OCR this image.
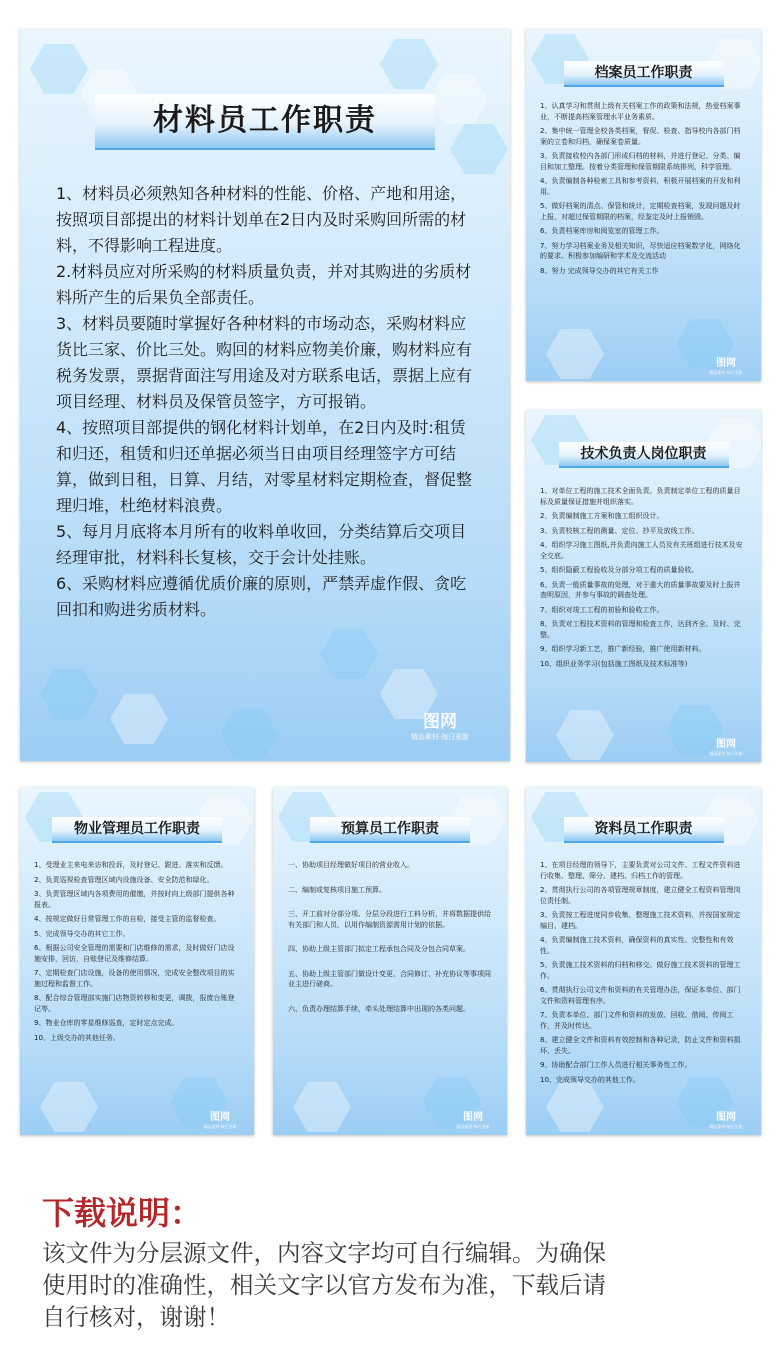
材料员工作职责

1、材料员必须熟知各种材料的性能、价格、产地和用途，按照项目部提出的材料计划单在2日内及时采购回所需的材料，不得影响工程进度。

2.材料员应对所采购的材料质量负责，并对其购进的劣质材料所产生的后果负全部责任。

3、材料员要随时掌握好各种材料的市场动态，采购材料应货比三家、价比三处。购回的材料应物美价廉，购材料应有税务发票，票据背面注写用途及对方联系电话，票据上应有项目经理、材料员及保管员签字，方可报销。

4、按照项目部提供的钢化材料计划单，在2日内及时:租赁和归还，租赁和归还单据必须当日由项目经理签字方可结算，做到日租，日算、月结，对零星材料定期检查，督促整理归堆，杜绝材料浪费。

5、每月月底将本月所有的收料单收回，分类结算后交项目经理审批，材料科长复核，交于会计处挂账。

6、采购材料应遵循优质价廉的原则，严禁弄虚作假、贪吃回扣和购进劣质材料。

图网
精品素材·每日更新
档案员工作职责

1、认真学习和贯彻上级有关档案工作的政策和法规，热爱档案事业，不断提高档案管理水平业务素质。

2、集中统一管理全校各类档案，督促、检查、指导校内各部门档案的立卷和归档，确保案卷质量。

3、负责接收校内各部门形成归档的材料，并进行登记、分类、编目和加工整理。按着分类管理和保管期限系统排列，科学管理。

4、负责编制各种检索工具和参考资料，积极开展档案的开发和利用。

5、做好档案的清点、保管和统计，定期检查档案，发现问题及时上报，对超过保管期限的档案，经鉴定及时上报销毁。

6、负责档案库房和阅览室的管理工作。

7、努力学习档案业务及相关知识，尽快适应档案数字化，网络化的要求。积极参加编研和学术及交流活动

8、努力 完成领导交办的其它有关工作

图网
精品素材·每日更新
技术负责人岗位职责

1、对单位工程的施工技术全面负责。负责制定单位工程的质量目标及质量保证措施并组织落实。

2、负责编制施工方案和施工组织设计。

3、负责校核工程的测量、定位、抄平及放线工作。

4、组织学习施工图纸,并负责向施工人员及有关班组进行技术及安全交底。

5、组织隐蔽工程验收及分部分项工程的质量验收。

6、负责一般质量事故的处理，对于重大的质量事故要及时上报并查明原因，并参与事故的调查处理。

7、组织对竣工工程的初验和验收工作。

8、负责对工程技术资料的管理和检查工作，达到齐全、及时、完整。

9、组织学习新工艺，推广新经验，推广使用新材料。

10、组织业务学习(包括施工图纸及技术标准等)

图网
精品素材·每日更新
物业管理员工作职责

1、受理业主来电来访和投诉，及时登记、跟进、落实和反馈。

2、负责巡视检查管理区域内设施设备、安全防范和绿化。

3、负责管理区域内各项费用的催缴，并按时向上级部门提供各种报表。

4、按规定做好日常管理工作的自检，接受主管的监督检查。

5、完成领导交办的其它工作。

6、根据公司安全管理的需要和门店维修的需求，及时做好门店设施安排，回访，自账登记及维修结算。

7、定期检查门店设施，设备的使用情况，完成安全整改项目的实施过程和监督工作。

8、配合综合管理部实施门店物资转移和变更，调拨，报废台账登记等。

9、物业仓库的零星维修巡查，定时定点完成。

10、上级交办的其他任务。

图网
精品素材·每日更新
预算员工作职责

一、协助项目经理做好项目的营业收入。

二、编制或复核项目施工预算。

三、开工前对分部分项、分层分段进行工料分析，并将数据提供给有关部门和人员，以用作编制资源需用计划的依据。

四、协助上级主管部门拟定工程承包合同及分包合同草案。

五、协助上级主管部门做设计变更、合同修订、补充协议等事项同业主进行磋商。

六、负责办理结算手续，牵头处理结算中出现的各类问题。

图网
精品素材·每日更新
资料员工作职责

1、在项目经理的领导下，主要负责对公司文件、工程文件资料进行收集、整理、筛分、建档、归档工作的管理。

2、贯彻执行公司的各项管理规章制度，建立健全工程资料管理岗位责任制。

3、负责按工程进度同步收集、整理施工技术资料，并按国家规定编目、建档。

4、负责编制施工技术资料，确保资料的真实性、完整性和有效性。

5、负责施工技术资料的归档和移交。做好施工技术资料的管理工作。

6、贯彻执行公司文件和资料的有关管理办法，保证本单位、部门文件和资料管理有序。

7、负责本单位、部门文件和资料的发放、回收、借阅、传阅工作，并及时传达。

8、建立健全文件和资料有效控制和各种记录，防止文件和资料损坏、丢失。

9、协助配合部门工作人员进行相关事务性工作。

10、完成领导交办的其他工作。

图网
精品素材·每日更新
下载说明：

该文件为分层源文件，内容文字均可自行编辑。为确保

使用时的准确性，相关文字以官方发布为准，下载后请

自行核对，谢谢！
